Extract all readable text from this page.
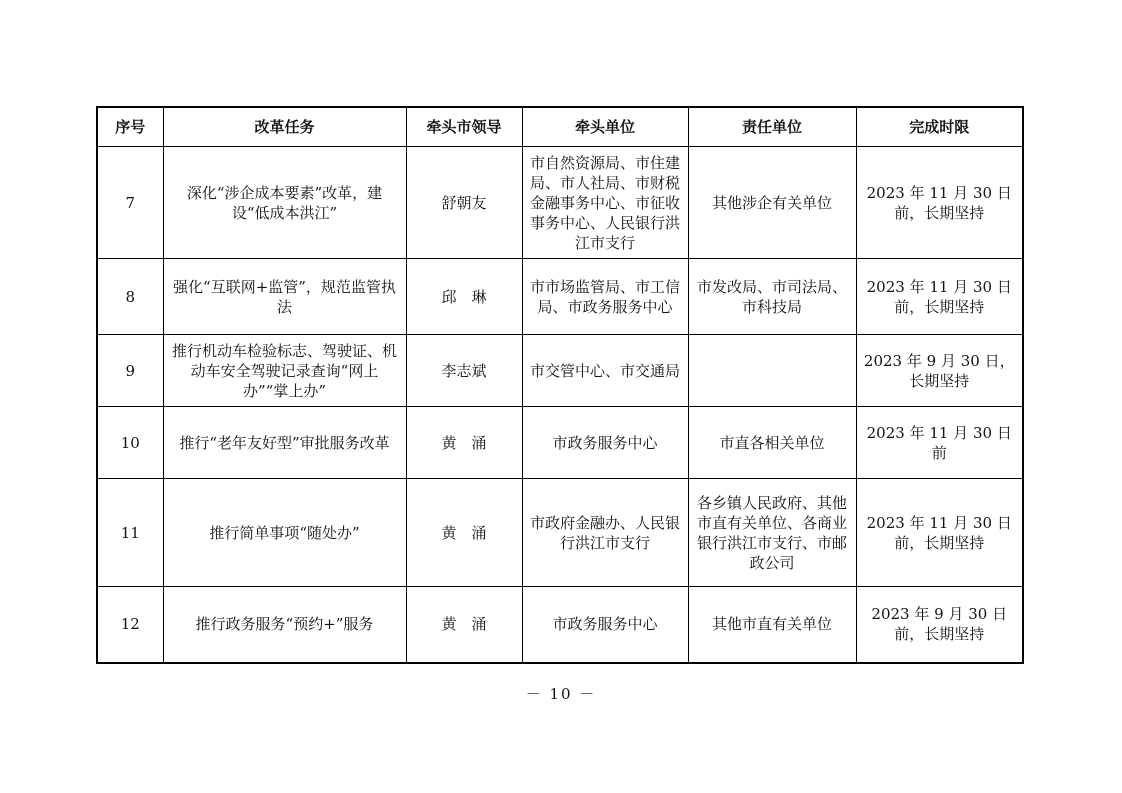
序号	改革任务	牵头市领导	牵头单位	责任单位	完成时限
7	深化“涉企成本要素”改革，建设“低成本洪江”	舒朝友	市自然资源局、市住建局、市人社局、市财税金融事务中心、市征收事务中心、人民银行洪江市支行	其他涉企有关单位	2023 年 11 月 30 日前，长期坚持
8	强化“互联网+监管”，规范监管执法	邱　琳	市市场监管局、市工信局、市政务服务中心	市发改局、市司法局、市科技局	2023 年 11 月 30 日前，长期坚持
9	推行机动车检验标志、驾驶证、机动车安全驾驶记录查询“网上办”“掌上办”	李志斌	市交管中心、市交通局		2023 年 9 月 30 日，长期坚持
10	推行“老年友好型”审批服务改革	黄　涌	市政务服务中心	市直各相关单位	2023 年 11 月 30 日前
11	推行简单事项“随处办”	黄　涌	市政府金融办、人民银行洪江市支行	各乡镇人民政府、其他市直有关单位、各商业银行洪江市支行、市邮政公司	2023 年 11 月 30 日前，长期坚持
12	推行政务服务“预约+”服务	黄　涌	市政务服务中心	其他市直有关单位	2023 年 9 月 30 日前，长期坚持
－ 10 －
